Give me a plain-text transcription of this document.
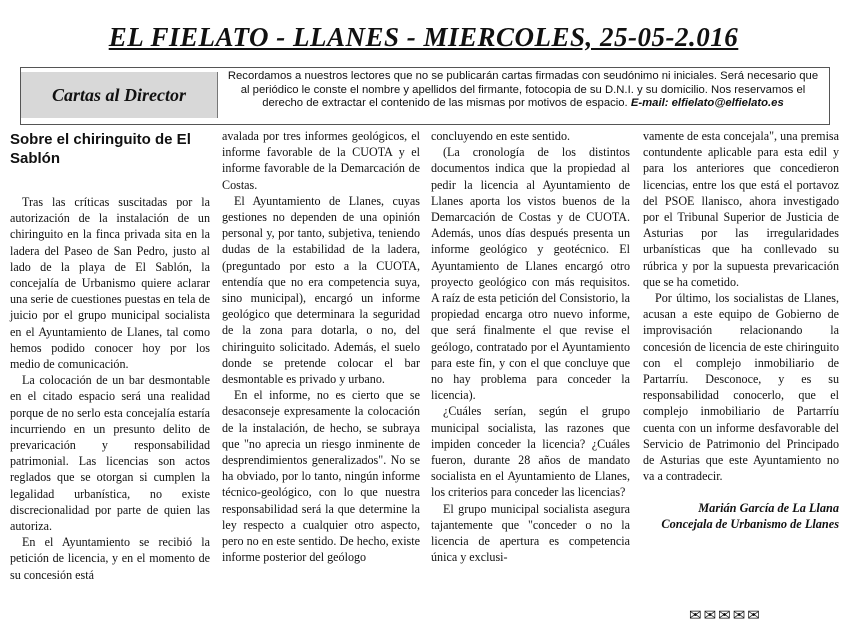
EL FIELATO - LLANES - MIERCOLES, 25-05-2.016
Cartas al Director
Recordamos a nuestros lectores que no se publicarán cartas firmadas con seudónimo ni iniciales. Será necesario que al periódico le conste el nombre y apellidos del firmante, fotocopia de su D.N.I. y su domicilio. Nos reservamos el derecho de extractar el contenido de las mismas por motivos de espacio. E-mail: elfielato@elfielato.es
Sobre el chiringuito de El Sablón

Tras las críticas suscitadas por la autorización de la instalación de un chiringuito en la finca privada sita en la ladera del Paseo de San Pedro, justo al lado de la playa de El Sablón, la concejalía de Urbanismo quiere aclarar una serie de cuestiones puestas en tela de juicio por el grupo municipal socialista en el Ayuntamiento de Llanes, tal como hemos podido conocer hoy por los medio de comunicación.

La colocación de un bar desmontable en el citado espacio será una realidad porque de no serlo esta concejalía estaría incurriendo en un presunto delito de prevaricación y responsabilidad patrimonial. Las licencias son actos reglados que se otorgan si cumplen la legalidad urbanística, no existe discrecionalidad por parte de quien las autoriza.

En el Ayuntamiento se recibió la petición de licencia, y en el momento de su concesión está

avalada por tres informes geológicos, el informe favorable de la CUOTA y el informe favorable de la Demarcación de Costas.

El Ayuntamiento de Llanes, cuyas gestiones no dependen de una opinión personal y, por tanto, subjetiva, teniendo dudas de la estabilidad de la ladera, (preguntado por esto a la CUOTA, entendía que no era competencia suya, sino municipal), encargó un informe geológico que determinara la seguridad de la zona para dotarla, o no, del chiringuito solicitado. Además, el suelo donde se pretende colocar el bar desmontable es privado y urbano.

En el informe, no es cierto que se desaconseje expresamente la colocación de la instalación, de hecho, se subraya que "no aprecia un riesgo inminente de desprendimientos generalizados". No se ha obviado, por lo tanto, ningún informe técnico-geológico, con lo que nuestra responsabilidad será la que determine la ley respecto a cualquier otro aspecto, pero no en este sentido. De hecho, existe informe posterior del geólogo

concluyendo en este sentido.

(La cronología de los distintos documentos indica que la propiedad al pedir la licencia al Ayuntamiento de Llanes aporta los vistos buenos de la Demarcación de Costas y de CUOTA. Además, unos días después presenta un informe geológico y geotécnico. El Ayuntamiento de Llanes encargó otro proyecto geológico con más requisitos. A raíz de esta petición del Consistorio, la propiedad encarga otro nuevo informe, que será finalmente el que revise el geólogo, contratado por el Ayuntamiento para este fin, y con el que concluye que no hay problema para conceder la licencia).

¿Cuáles serían, según el grupo municipal socialista, las razones que impiden conceder la licencia? ¿Cuáles fueron, durante 28 años de mandato socialista en el Ayuntamiento de Llanes, los criterios para conceder las licencias?

El grupo municipal socialista asegura tajantemente que "conceder o no la licencia de apertura es competencia única y exclusi-

vamente de esta concejala", una premisa contundente aplicable para esta edil y para los anteriores que concedieron licencias, entre los que está el portavoz del PSOE llanisco, ahora investigado por el Tribunal Superior de Justicia de Asturias por las irregularidades urbanísticas que ha conllevado su rúbrica y por la supuesta prevaricación que se ha cometido.

Por último, los socialistas de Llanes, acusan a este equipo de Gobierno de improvisación relacionando la concesión de licencia de este chiringuito con el complejo inmobiliario de Partarríu. Desconoce, y es su responsabilidad conocerlo, que el complejo inmobiliario de Partarríu cuenta con un informe desfavorable del Servicio de Patrimonio del Principado de Asturias que este Ayuntamiento no va a contradecir.

Marián García de La Llana
Concejala de Urbanismo de Llanes
✉✉✉✉✉
